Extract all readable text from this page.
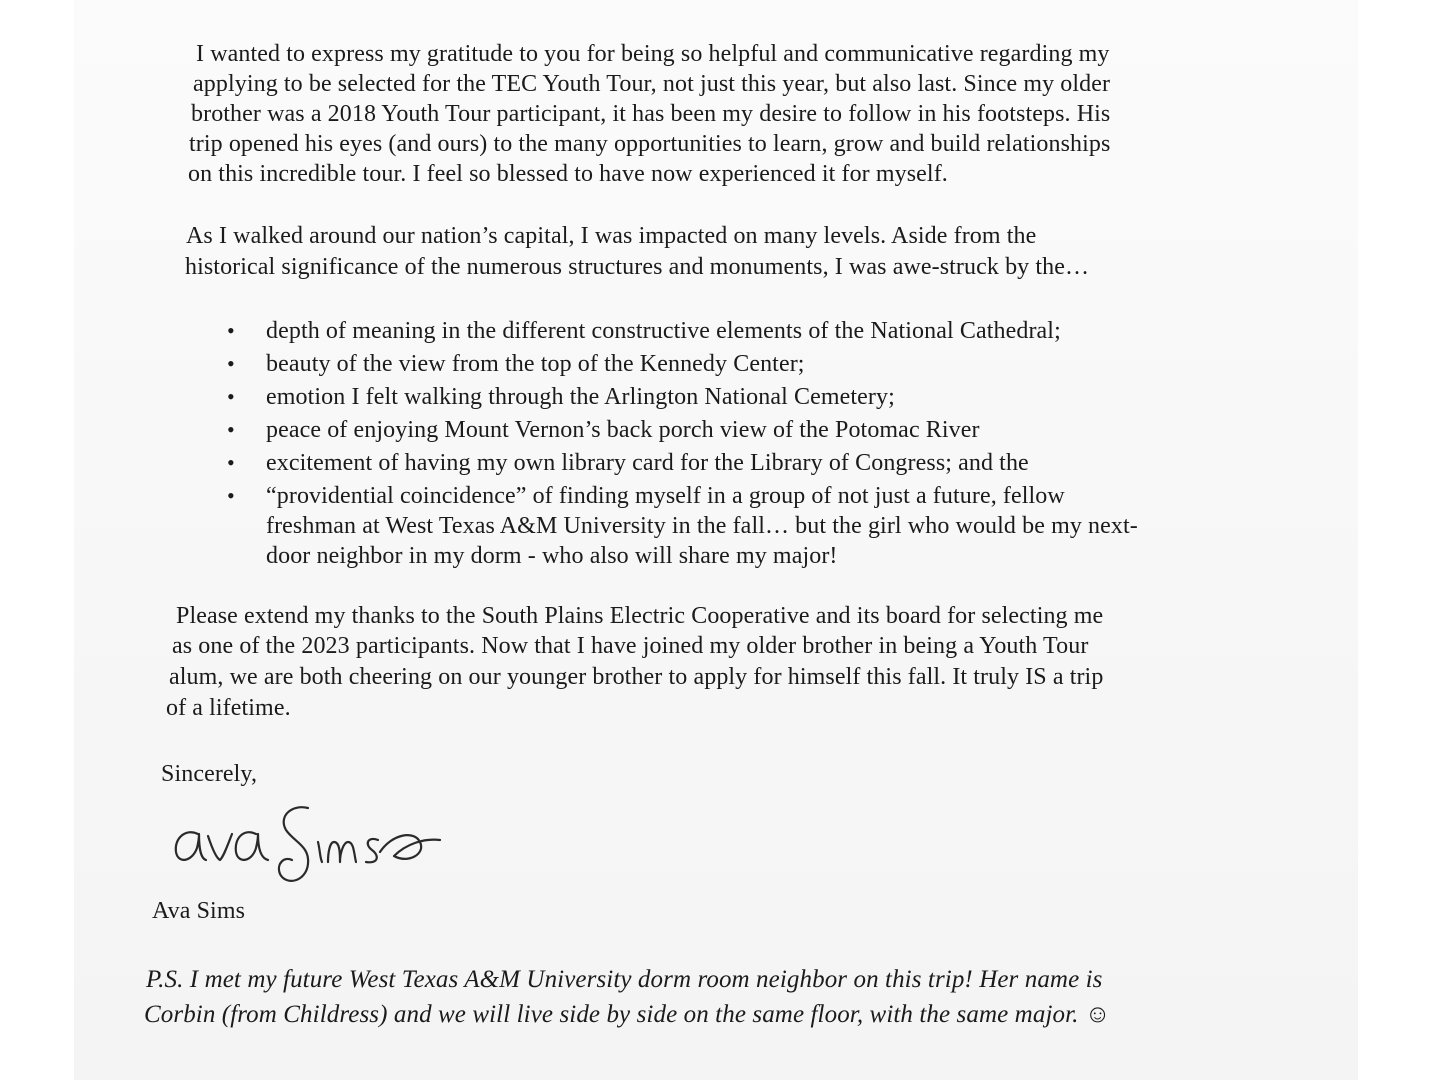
I wanted to express my gratitude to you for being so helpful and communicative regarding my

applying to be selected for the TEC Youth Tour, not just this year, but also last. Since my older

brother was a 2018 Youth Tour participant, it has been my desire to follow in his footsteps. His

trip opened his eyes (and ours) to the many opportunities to learn, grow and build relationships

on this incredible tour. I feel so blessed to have now experienced it for myself.

As I walked around our nation’s capital, I was impacted on many levels. Aside from the

historical significance of the numerous structures and monuments, I was awe-struck by the…

• depth of meaning in the different constructive elements of the National Cathedral;

• beauty of the view from the top of the Kennedy Center;

• emotion I felt walking through the Arlington National Cemetery;

• peace of enjoying Mount Vernon’s back porch view of the Potomac River

• excitement of having my own library card for the Library of Congress; and the

• “providential coincidence” of finding myself in a group of not just a future, fellow

freshman at West Texas A&M University in the fall… but the girl who would be my next-

door neighbor in my dorm - who also will share my major!

Please extend my thanks to the South Plains Electric Cooperative and its board for selecting me

as one of the 2023 participants. Now that I have joined my older brother in being a Youth Tour

alum, we are both cheering on our younger brother to apply for himself this fall. It truly IS a trip

of a lifetime.

Sincerely,

Ava Sims

P.S. I met my future West Texas A&M University dorm room neighbor on this trip! Her name is

Corbin (from Childress) and we will live side by side on the same floor, with the same major. ☺
